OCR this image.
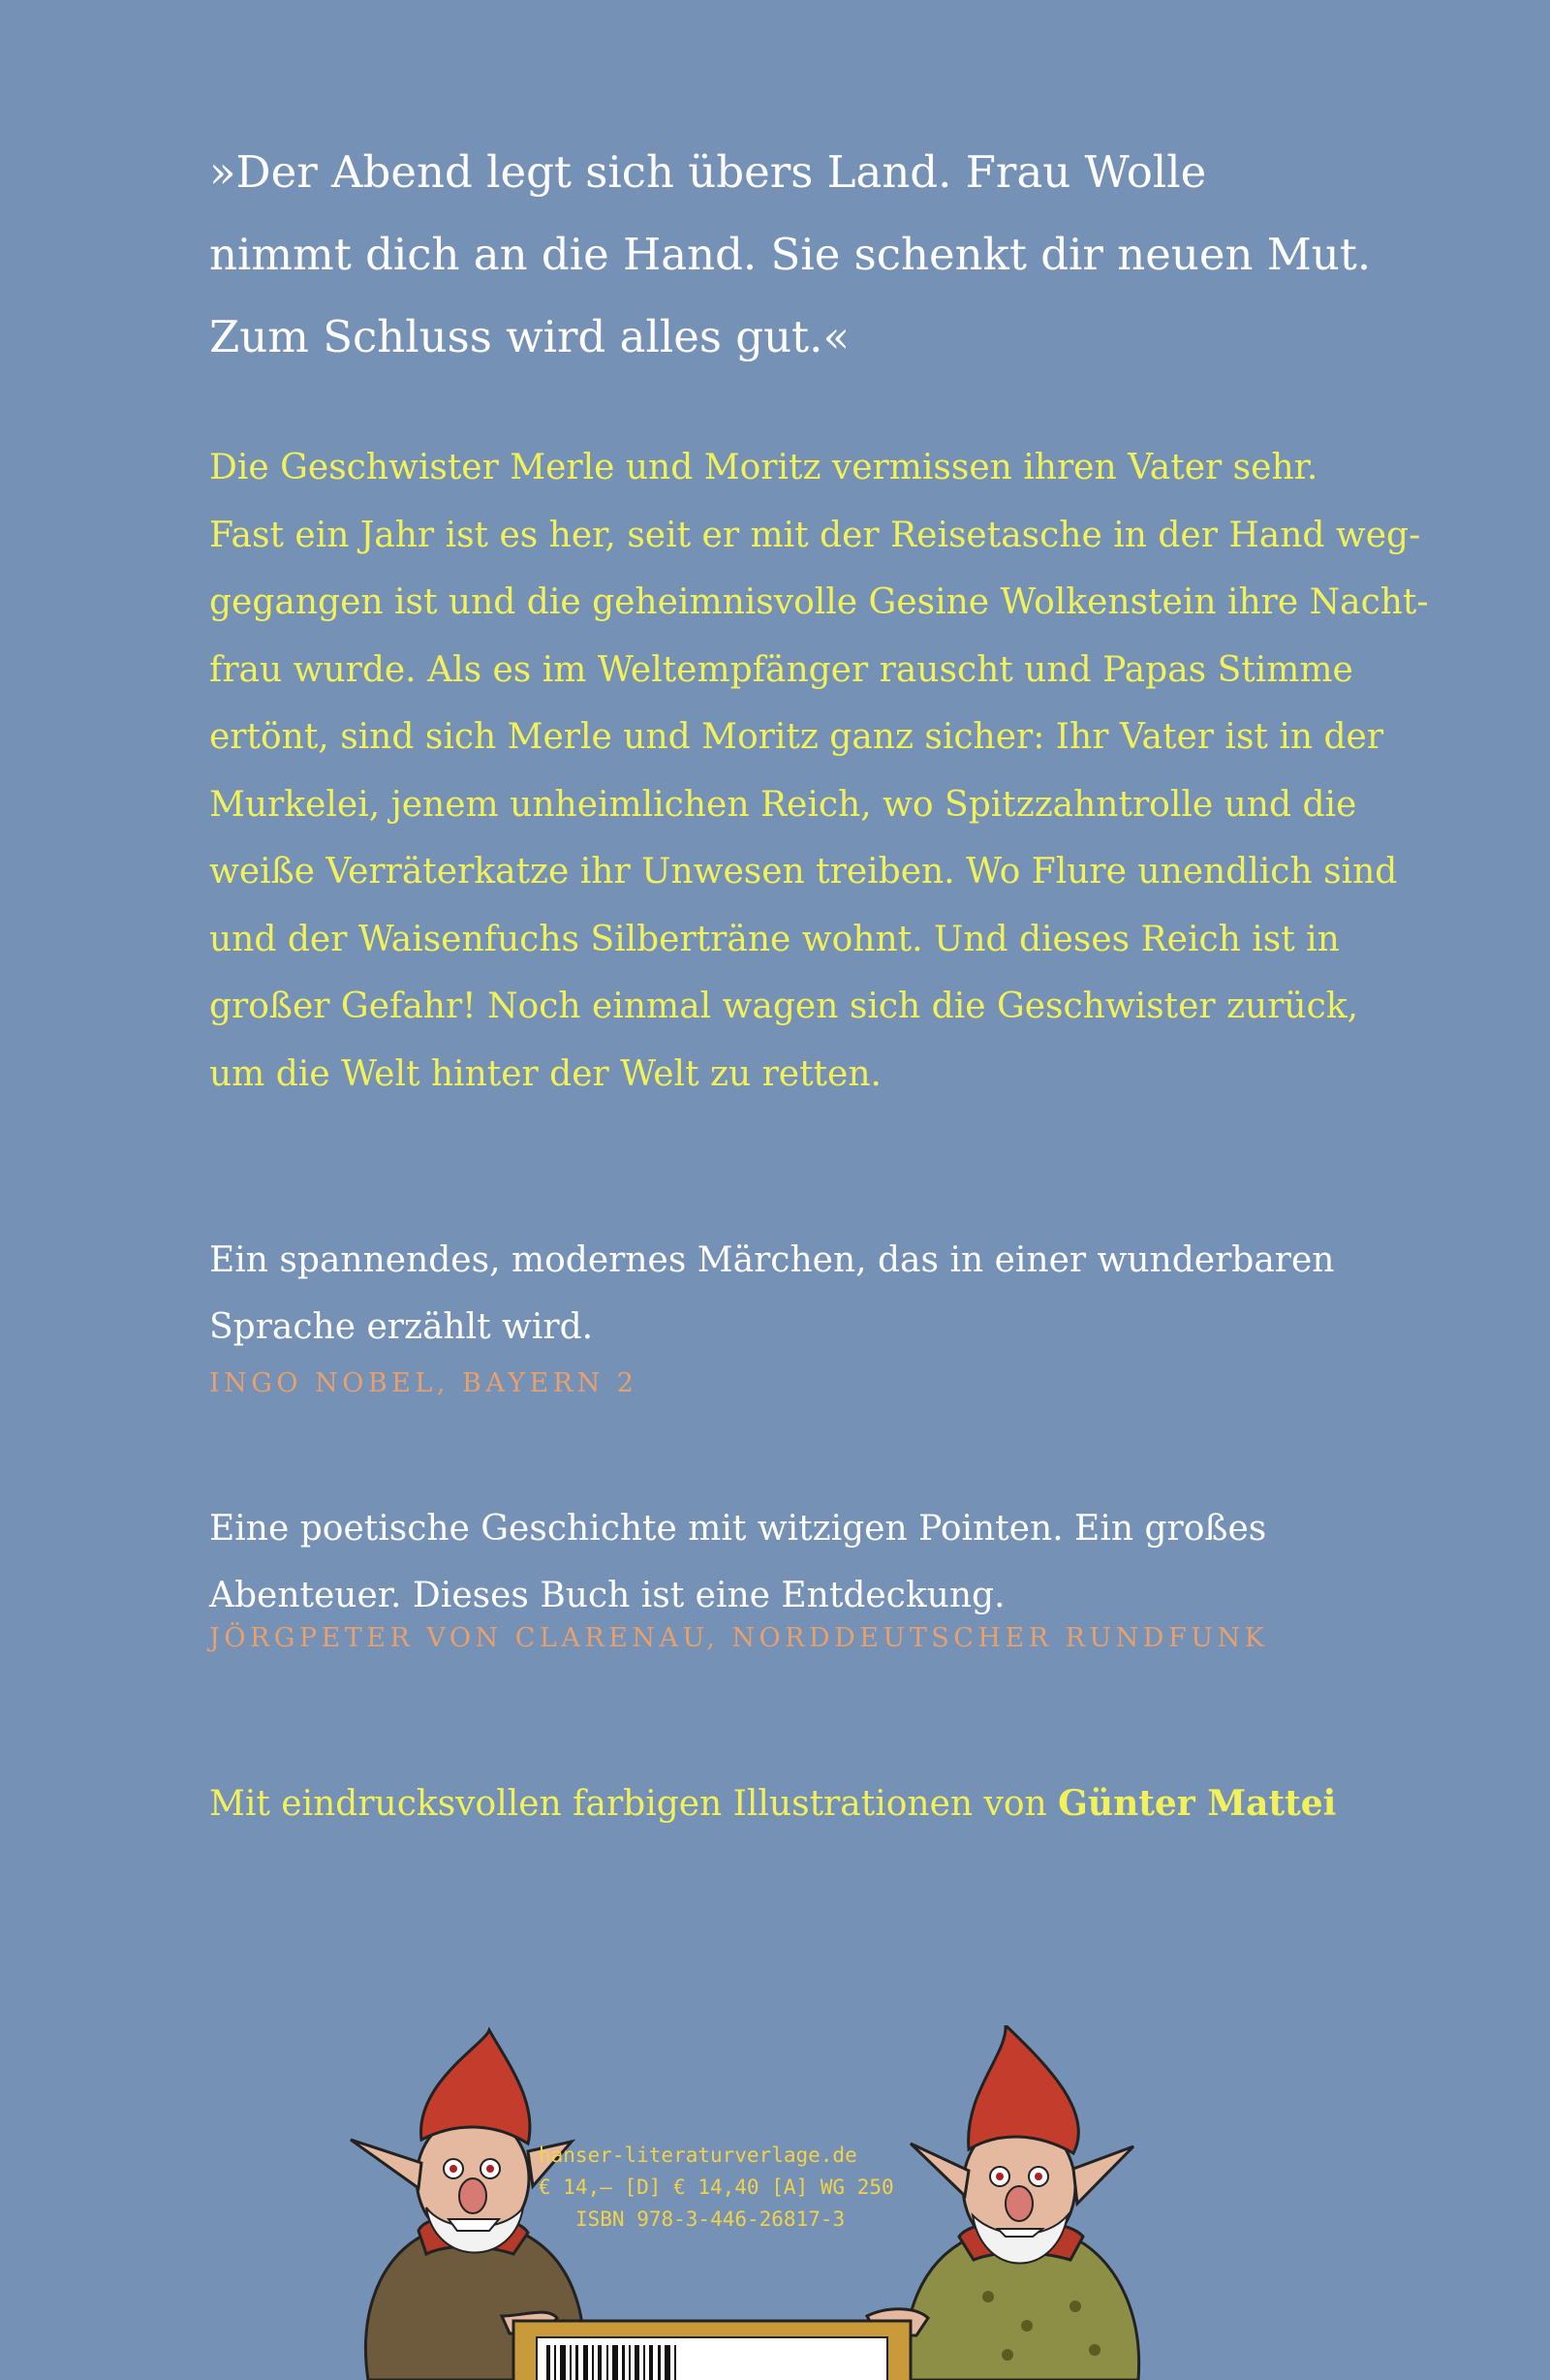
»Der Abend legt sich übers Land. Frau Wolle
nimmt dich an die Hand. Sie schenkt dir neuen Mut.
Zum Schluss wird alles gut.«

Die Geschwister Merle und Moritz vermissen ihren Vater sehr.
Fast ein Jahr ist es her, seit er mit der Reisetasche in der Hand weg-
gegangen ist und die geheimnisvolle Gesine Wolkenstein ihre Nacht-
frau wurde. Als es im Weltempfänger rauscht und Papas Stimme
ertönt, sind sich Merle und Moritz ganz sicher: Ihr Vater ist in der
Murkelei, jenem unheimlichen Reich, wo Spitzzahntrolle und die
weiße Verräterkatze ihr Unwesen treiben. Wo Flure unendlich sind
und der Waisenfuchs Silberträne wohnt. Und dieses Reich ist in
großer Gefahr! Noch einmal wagen sich die Geschwister zurück,
um die Welt hinter der Welt zu retten.

Ein spannendes, modernes Märchen, das in einer wunderbaren
Sprache erzählt wird.
INGO NOBEL, BAYERN 2
Eine poetische Geschichte mit witzigen Pointen. Ein großes
Abenteuer. Dieses Buch ist eine Entdeckung.
JÖRGPETER VON CLARENAU, NORDDEUTSCHER RUNDFUNK
Mit eindrucksvollen farbigen Illustrationen von Günter Mattei
hanser-literaturverlage.de
€ 14,– [D] € 14,40 [A] WG 250
ISBN 978-3-446-26817-3
